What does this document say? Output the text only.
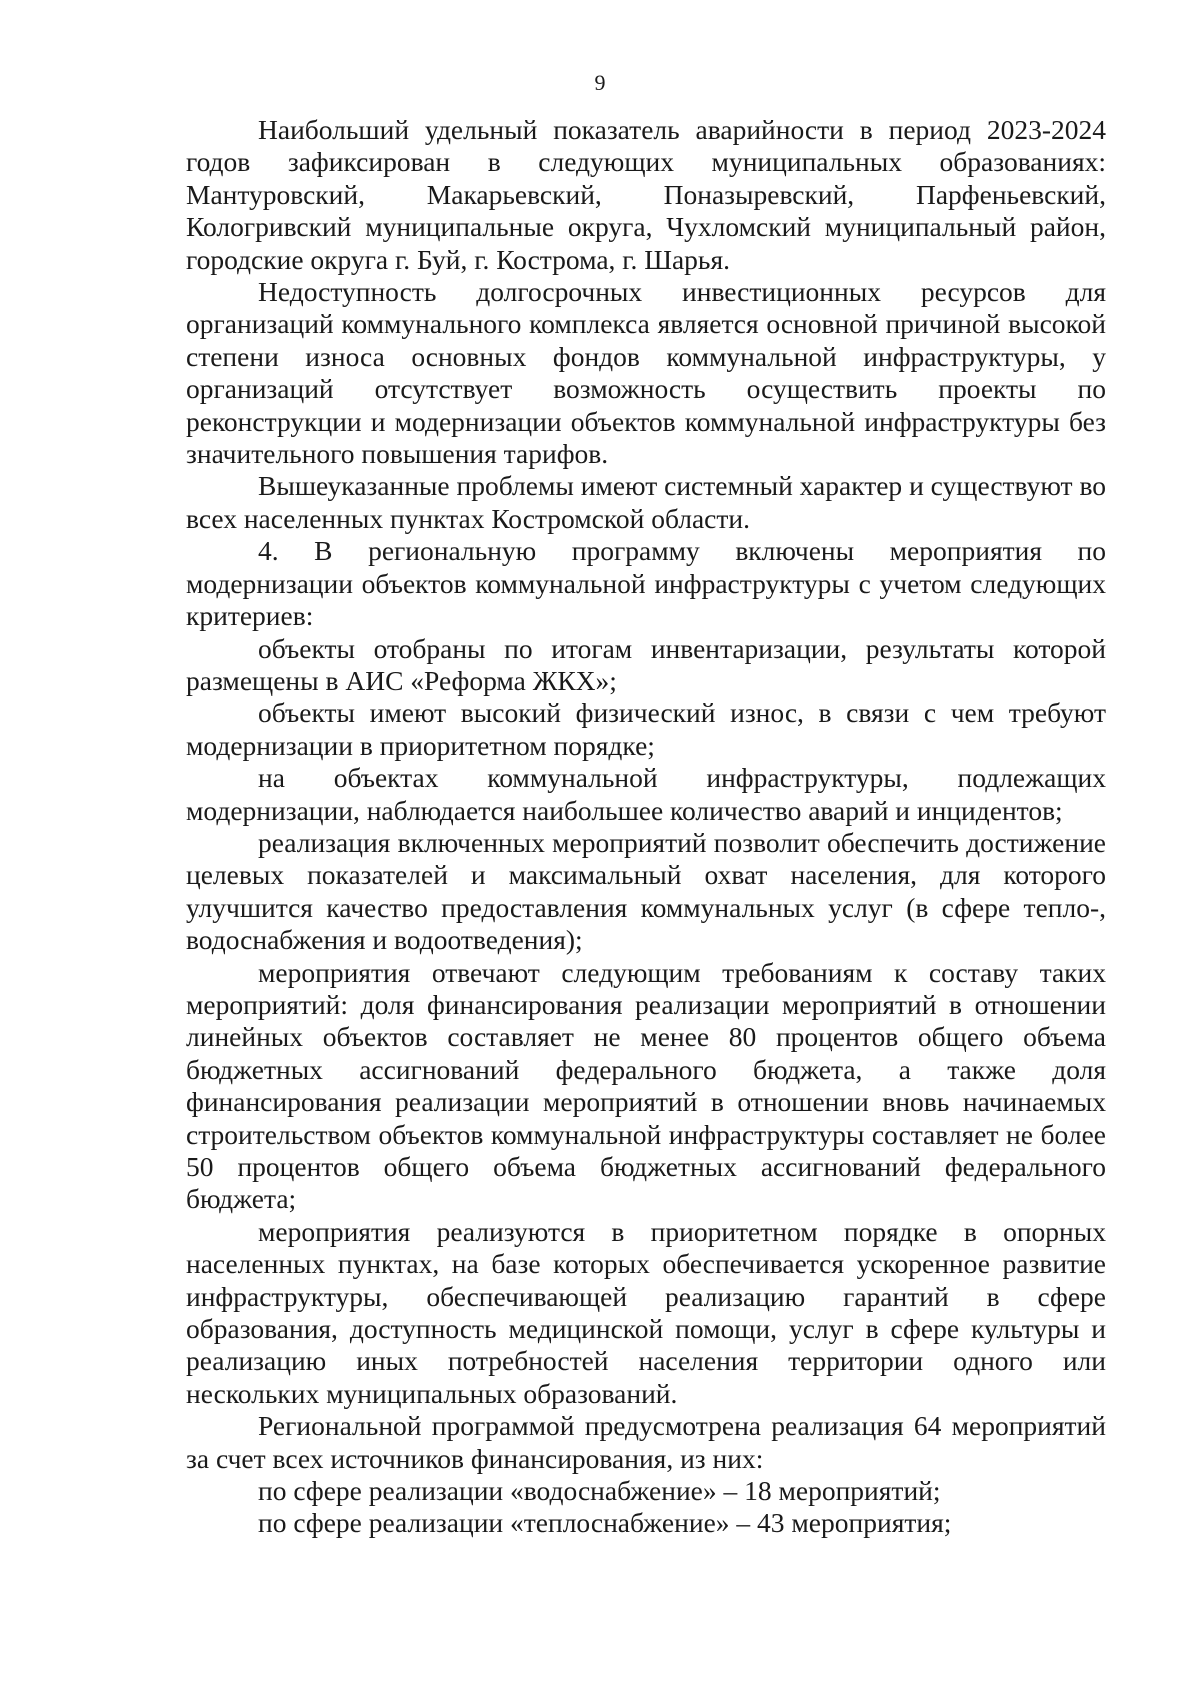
9

Наибольший удельный показатель аварийности в период 2023-2024 годов зафиксирован в следующих муниципальных образованиях: Мантуровский, Макарьевский, Поназыревский, Парфеньевский, Кологривский муниципальные округа, Чухломский муниципальный район, городские округа г. Буй, г. Кострома, г. Шарья.

Недоступность долгосрочных инвестиционных ресурсов для организаций коммунального комплекса является основной причиной высокой степени износа основных фондов коммунальной инфраструктуры, у организаций отсутствует возможность осуществить проекты по реконструкции и модернизации объектов коммунальной инфраструктуры без значительного повышения тарифов.

Вышеуказанные проблемы имеют системный характер и существуют во всех населенных пунктах Костромской области.

4. В региональную программу включены мероприятия по модернизации объектов коммунальной инфраструктуры с учетом следующих критериев:

объекты отобраны по итогам инвентаризации, результаты которой размещены в АИС «Реформа ЖКХ»;

объекты имеют высокий физический износ, в связи с чем требуют модернизации в приоритетном порядке;

на объектах коммунальной инфраструктуры, подлежащих модернизации, наблюдается наибольшее количество аварий и инцидентов;

реализация включенных мероприятий позволит обеспечить достижение целевых показателей и максимальный охват населения, для которого улучшится качество предоставления коммунальных услуг (в сфере тепло-, водоснабжения и водоотведения);

мероприятия отвечают следующим требованиям к составу таких мероприятий: доля финансирования реализации мероприятий в отношении линейных объектов составляет не менее 80 процентов общего объема бюджетных ассигнований федерального бюджета, а также доля финансирования реализации мероприятий в отношении вновь начинаемых строительством объектов коммунальной инфраструктуры составляет не более 50 процентов общего объема бюджетных ассигнований федерального бюджета;

мероприятия реализуются в приоритетном порядке в опорных населенных пунктах, на базе которых обеспечивается ускоренное развитие инфраструктуры, обеспечивающей реализацию гарантий в сфере образования, доступность медицинской помощи, услуг в сфере культуры и реализацию иных потребностей населения территории одного или нескольких муниципальных образований.

Региональной программой предусмотрена реализация 64 мероприятий за счет всех источников финансирования, из них:

по сфере реализации «водоснабжение» – 18 мероприятий;

по сфере реализации «теплоснабжение» – 43 мероприятия;
